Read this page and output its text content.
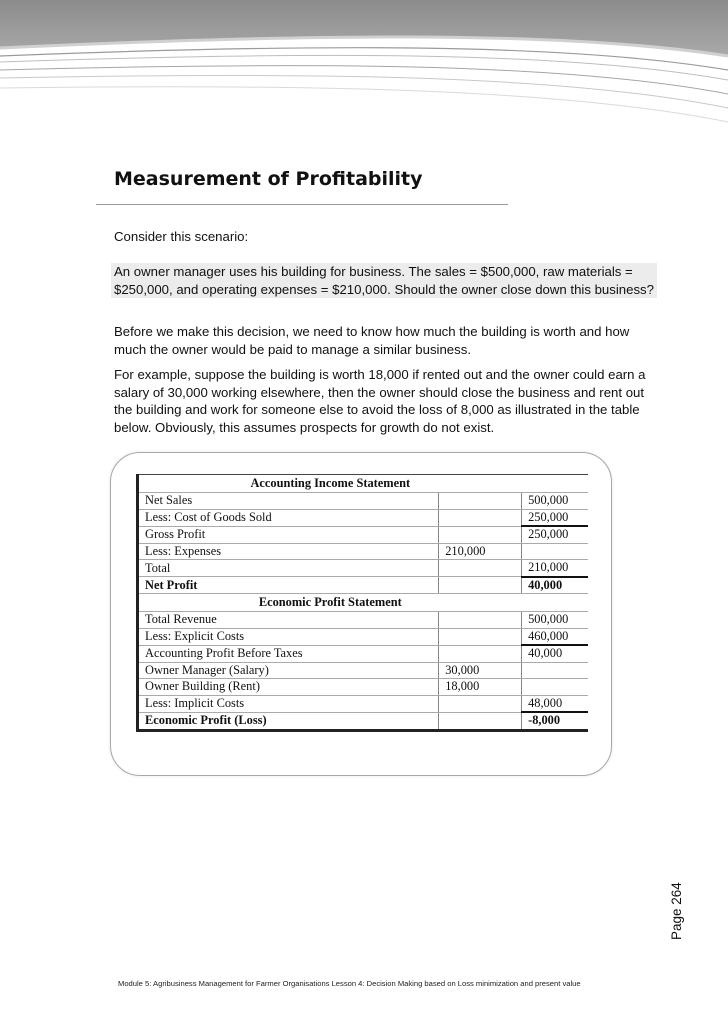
Measurement of Profitability

Consider this scenario:

An owner manager uses his building for business. The sales = $500,000, raw materials = $250,000, and operating expenses = $210,000. Should the owner close down this business?

Before we make this decision, we need to know how much the building is worth and how much the owner would be paid to manage a similar business.

For example, suppose the building is worth 18,000 if rented out and the owner could earn a salary of 30,000 working elsewhere, then the owner should close the business and rent out the building and work for someone else to avoid the loss of 8,000 as illustrated in the table below. Obviously, this assumes prospects for growth do not exist.

Accounting Income Statement		
Net Sales		500,000
Less: Cost of Goods Sold		250,000
Gross Profit		250,000
Less: Expenses	210,000	
Total		210,000
Net Profit		40,000
Economic Profit Statement		
Total Revenue		500,000
Less: Explicit Costs		460,000
Accounting Profit Before Taxes		40,000
Owner Manager (Salary)	30,000	
Owner Building (Rent)	18,000	
Less: Implicit Costs		48,000
Economic Profit (Loss)		-8,000
Page 264
Module 5: Agribusiness Management for Farmer Organisations Lesson 4: Decision Making based on Loss minimization and present value
